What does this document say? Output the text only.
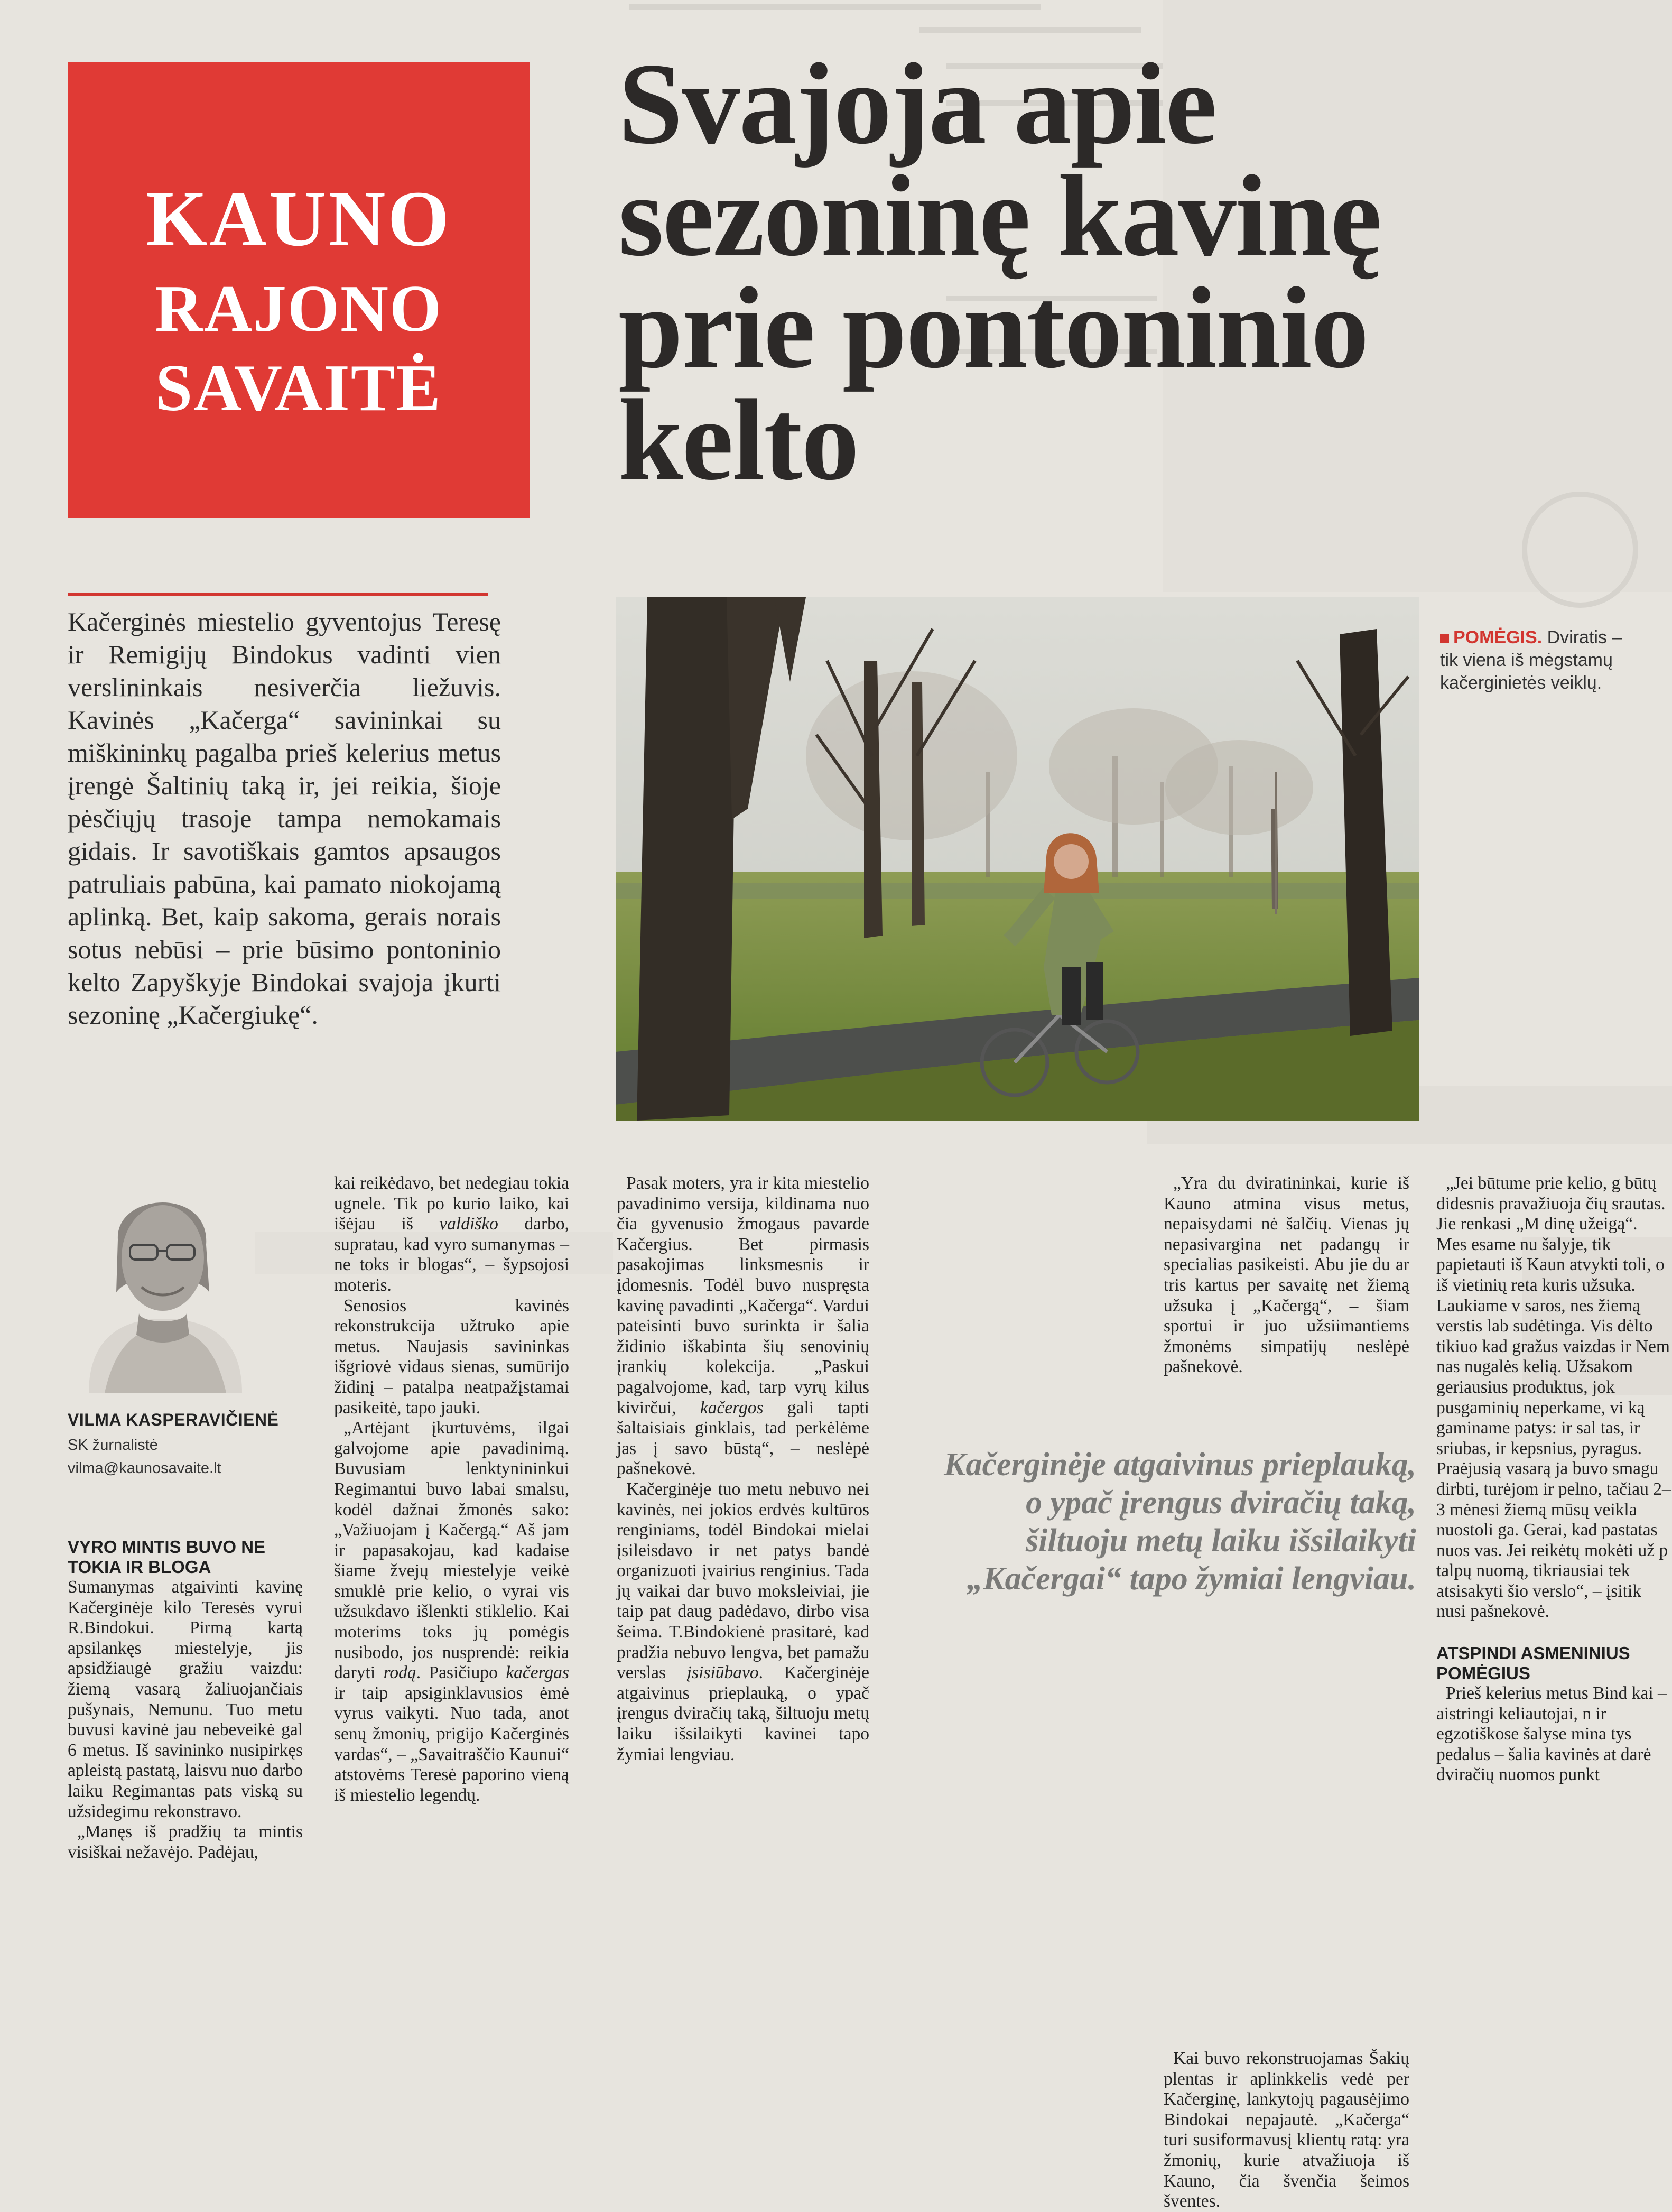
KAUNO
RAJONO
SAVAITĖ
Svajoja apie
sezoninę kavinę
prie pontoninio
kelto
Kačerginės miestelio gyventojus Teresę ir Remigijų Bindokus vadinti vien verslininkais nesiverčia liežuvis. Kavinės „Kačerga“ savininkai su miškininkų pagalba prieš kelerius metus įrengė Šaltinių taką ir, jei reikia, šioje pėsčiųjų trasoje tampa nemokamais gidais. Ir savotiškais gamtos apsaugos patruliais pabūna, kai pamato niokojamą aplinką. Bet, kaip sakoma, gerais norais sotus nebūsi – prie būsimo pontoninio kelto Zapyškyje Bindokai svajoja įkurti sezoninę „Kačergiukę“.
POMĖGIS. Dviratis – tik viena iš mėgstamų kačerginietės veiklų.
VILMA KASPERAVIČIENĖ
SK žurnalistė
vilma@kaunosavaite.lt

VYRO MINTIS BUVO NE TOKIA IR BLOGA

Sumanymas atgaivinti kavinę Kačerginėje kilo Teresės vyrui R.Bindokui. Pirmą kartą apsilankęs miestelyje, jis apsidžiaugė gražiu vaizdu: žiemą vasarą žaliuojančiais pušynais, Nemunu. Tuo metu buvusi kavinė jau nebeveikė gal 6 metus. Iš savininko nusipirkęs apleistą pastatą, laisvu nuo darbo laiku Regimantas pats viską su užsidegimu rekonstravo.

„Manęs iš pradžių ta mintis visiškai nežavėjo. Padėjau,

kai reikėdavo, bet nedegiau tokia ugnele. Tik po kurio laiko, kai išėjau iš valdiško darbo, supratau, kad vyro sumanymas – ne toks ir blogas“, – šypsojosi moteris.

Senosios kavinės rekonstrukcija užtruko apie metus. Naujasis savininkas išgriovė vidaus sienas, sumūrijo židinį – patalpa neatpažįstamai pasikeitė, tapo jauki.

„Artėjant įkurtuvėms, ilgai galvojome apie pavadinimą. Buvusiam lenktynininkui Regimantui buvo labai smalsu, kodėl dažnai žmonės sako: „Važiuojam į Kačergą.“ Aš jam ir papasakojau, kad kadaise šiame žvejų miestelyje veikė smuklė prie kelio, o vyrai vis užsukdavo išlenkti stiklelio. Kai moterims toks jų pomėgis nusibodo, jos nusprendė: reikia daryti rodą. Pasičiupo kačergas ir taip apsiginklavusios ėmė vyrus vaikyti. Nuo tada, anot senų žmonių, prigijo Kačerginės vardas“, – „Savaitraščio Kaunui“ atstovėms Teresė paporino vieną iš miestelio legendų.

Pasak moters, yra ir kita miestelio pavadinimo versija, kildinama nuo čia gyvenusio žmogaus pavarde Kačergius. Bet pirmasis pasakojimas linksmesnis ir įdomesnis. Todėl buvo nuspręsta kavinę pavadinti „Kačerga“. Vardui pateisinti buvo surinkta ir šalia židinio iškabinta šių senovinių įrankių kolekcija. „Paskui pagalvojome, kad, tarp vyrų kilus kivirčui, kačergos gali tapti šaltaisiais ginklais, tad perkėlėme jas į savo būstą“, – neslėpė pašnekovė.

Kačerginėje tuo metu nebuvo nei kavinės, nei jokios erdvės kultūros renginiams, todėl Bindokai mielai įsileisdavo ir net patys bandė organizuoti įvairius renginius. Tada jų vaikai dar buvo moksleiviai, jie taip pat daug padėdavo, dirbo visa šeima. T.Bindokienė prasitarė, kad pradžia nebuvo lengva, bet pamažu verslas įsisiūbavo. Kačerginėje atgaivinus prieplauką, o ypač įrengus dviračių taką, šiltuoju metų laiku išsilaikyti kavinei tapo žymiai lengviau.

„Yra du dviratininkai, kurie iš Kauno atmina visus metus, nepaisydami nė šalčių. Vienas jų nepasivargina net padangų ir specialias pasikeisti. Abu jie du ar tris kartus per savaitę net žiemą užsuka į „Kačergą“, – šiam sportui ir juo užsiimantiems žmonėms simpatijų neslėpė pašnekovė.

Kai buvo rekonstruojamas Šakių plentas ir aplinkkelis vedė per Kačerginę, lankytojų pagausėjimo Bindokai nepajautė. „Kačerga“ turi susiformavusį klientų ratą: yra žmonių, kurie atvažiuoja iš Kauno, čia švenčia šeimos šventes.

Kačerginėje atgaivinus prieplauką, o ypač įrengus dviračių taką, šiltuoju metų laiku išsilaikyti „Kačergai“ tapo žymiai lengviau.

„Jei būtume prie kelio, g būtų didesnis pravažiuoja čių srautas. Jie renkasi „M dinę užeigą“. Mes esame nu šalyje, tik papietauti iš Kaun atvykti toli, o iš vietinių reta kuris užsuka. Laukiame v saros, nes žiemą verstis lab sudėtinga. Vis dėlto tikiuo kad gražus vaizdas ir Nem nas nugalės kelią. Užsakom geriausius produktus, jok pusgaminių neperkame, vi ką gaminame patys: ir sal tas, ir sriubas, ir kepsnius, pyragus. Praėjusią vasarą ja buvo smagu dirbti, turėjom ir pelno, tačiau 2–3 mėnesi žiemą mūsų veikla nuostoli ga. Gerai, kad pastatas nuos vas. Jei reikėtų mokėti už p talpų nuomą, tikriausiai tek atsisakyti šio verslo“, – įsitik nusi pašnekovė.

ATSPINDI ASMENINIUS POMĖGIUS

Prieš kelerius metus Bind kai – aistringi keliautojai, n ir egzotiškose šalyse mina tys pedalus – šalia kavinės at darė dviračių nuomos punkt
